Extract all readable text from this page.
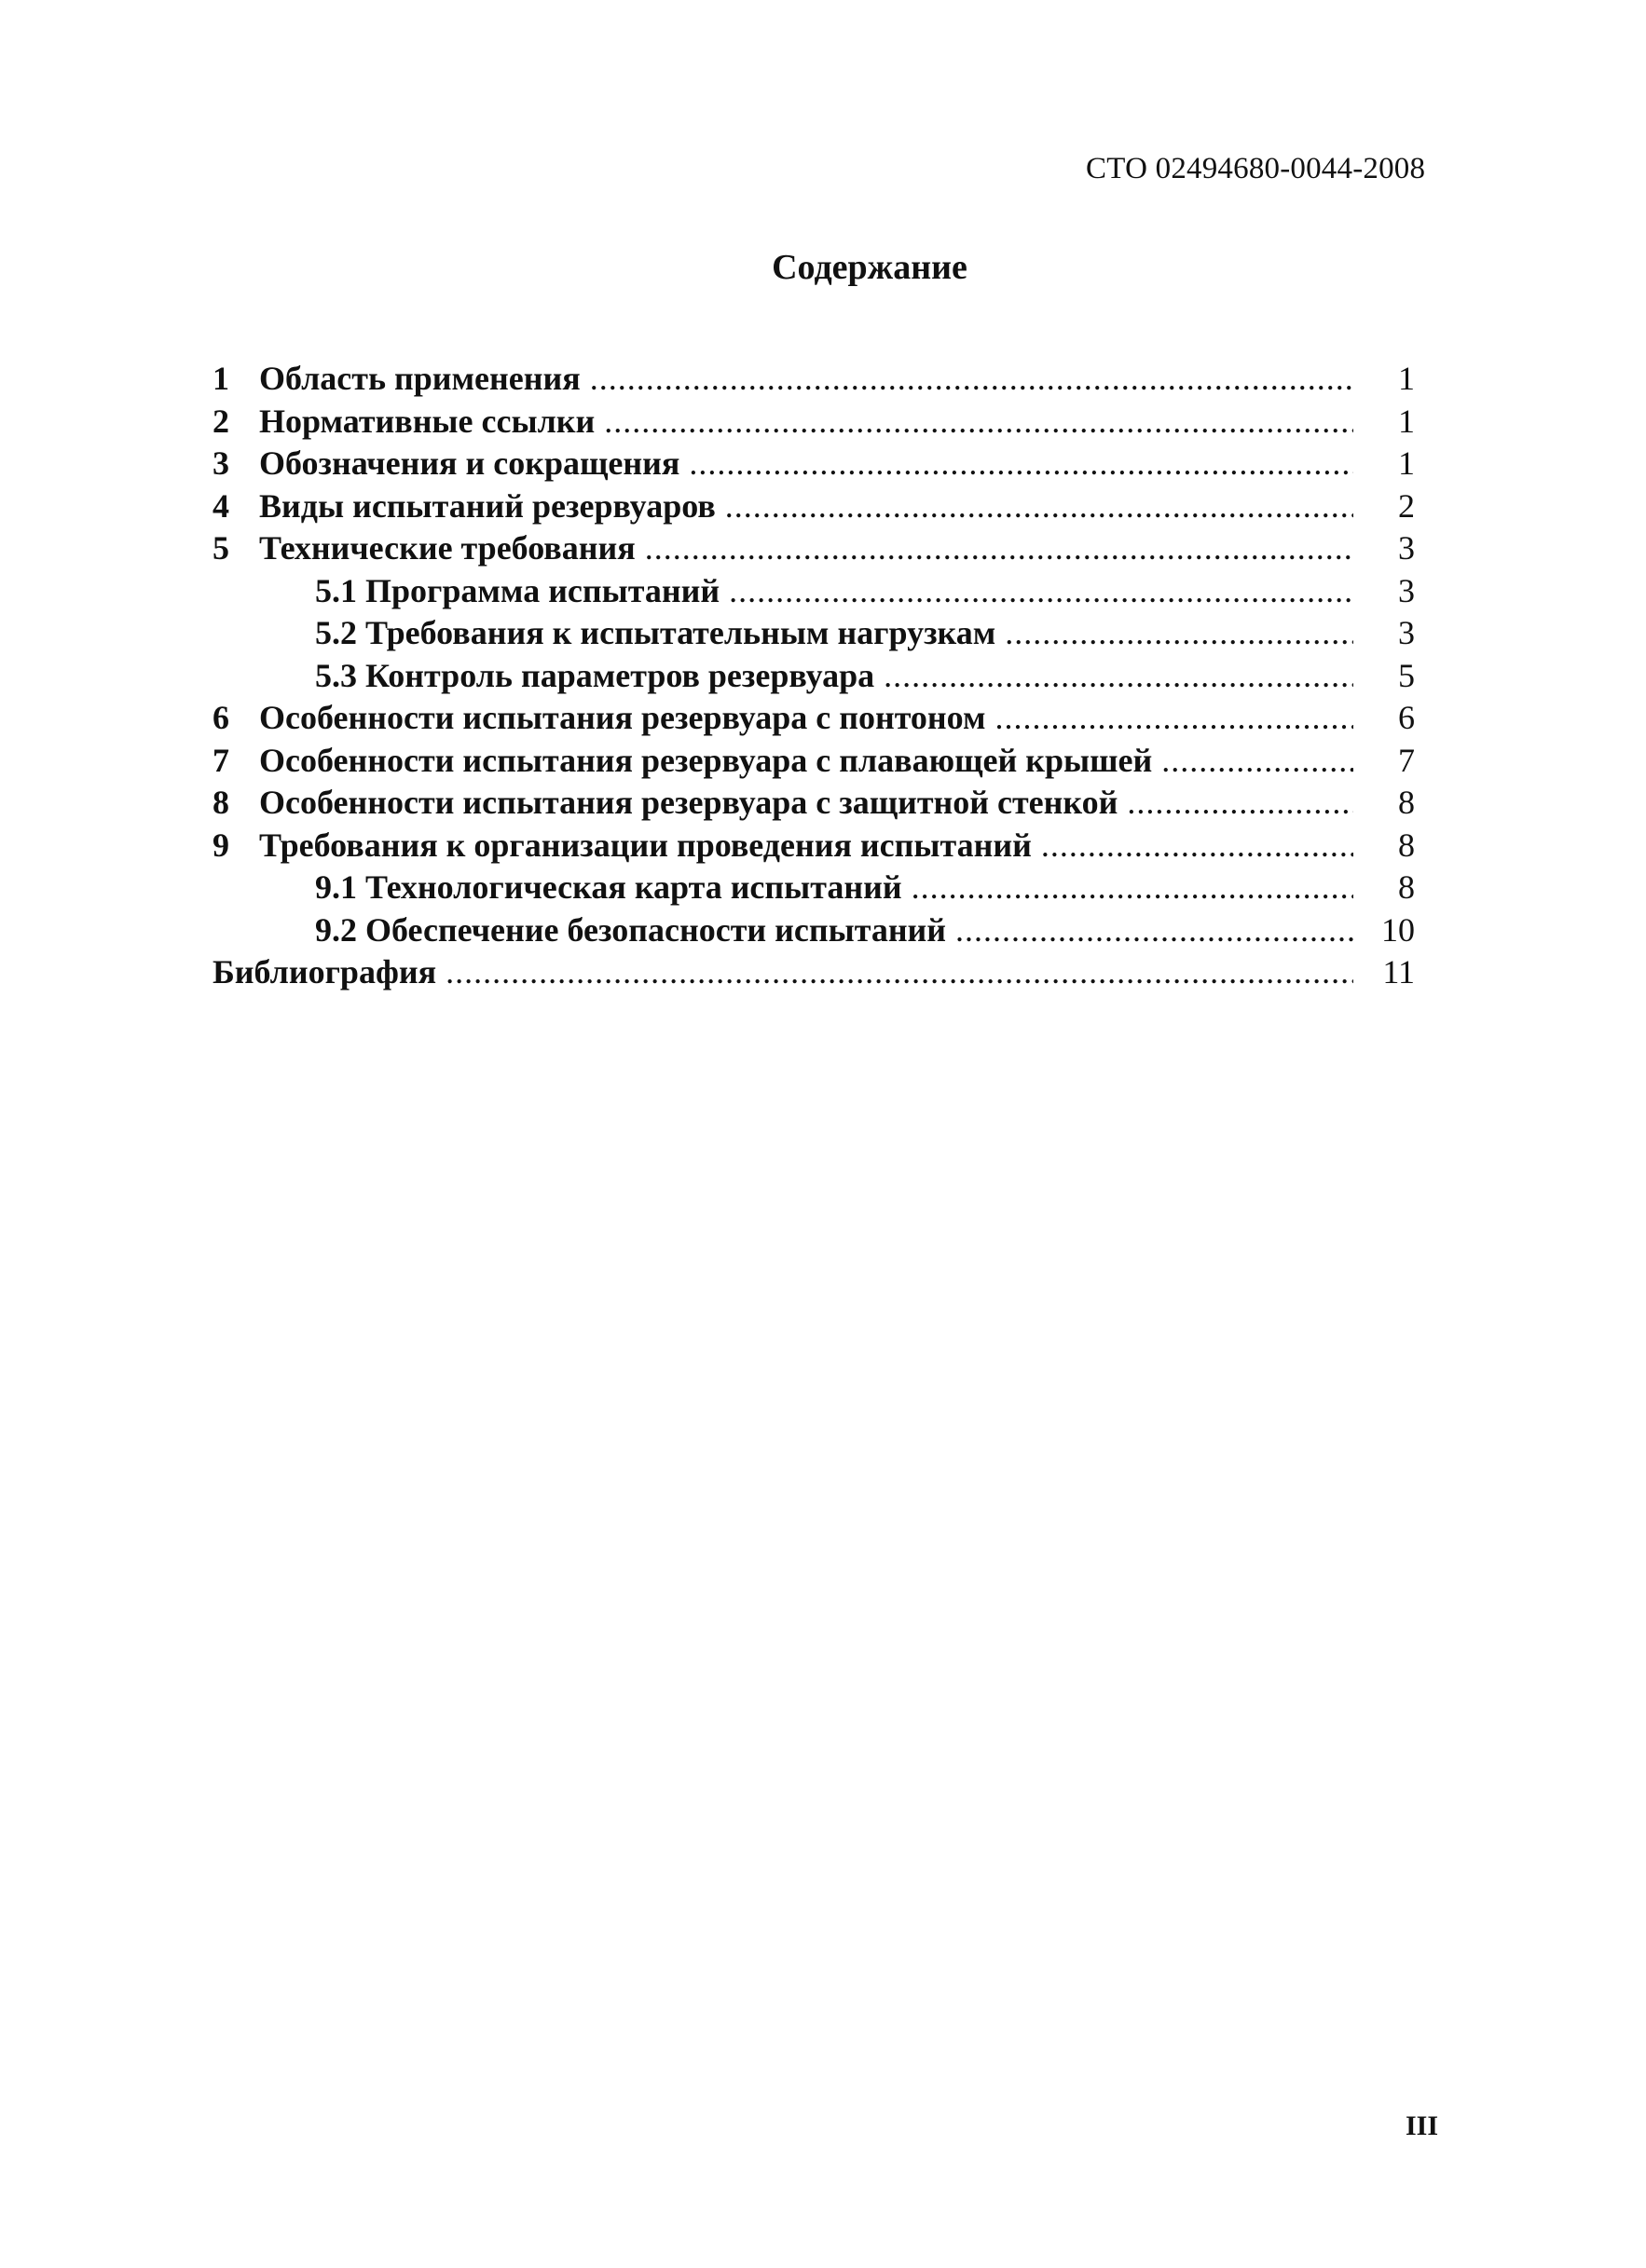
СТО 02494680-0044-2008
Содержание
1 Область применения .....	1
2 Нормативные ссылки .....	1
3 Обозначения и сокращения .....	1
4 Виды испытаний резервуаров .....	2
5 Технические требования .....	3
5.1 Программа испытаний .....	3
5.2 Требования к испытательным нагрузкам .....	3
5.3 Контроль параметров резервуара .....	5
6 Особенности испытания резервуара с понтоном .....	6
7 Особенности испытания резервуара с плавающей крышей .....	7
8 Особенности испытания резервуара с защитной стенкой .....	8
9 Требования к организации проведения испытаний .....	8
9.1 Технологическая карта испытаний .....	8
9.2 Обеспечение безопасности испытаний .....	10
Библиография .....	11
III
